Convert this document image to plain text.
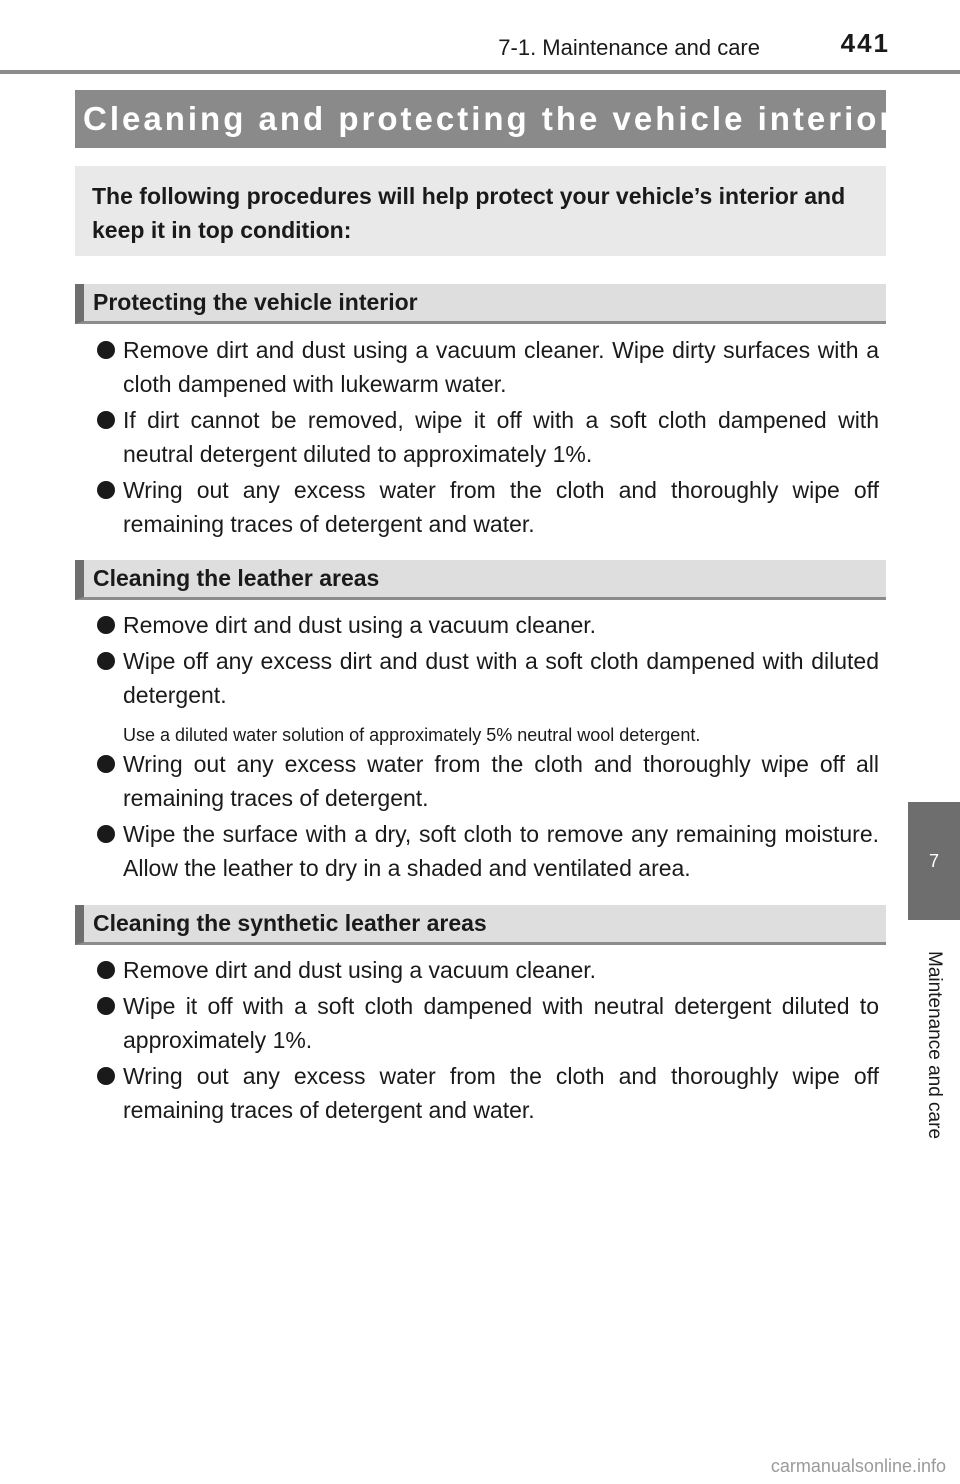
7-1. Maintenance and care	441
7
Maintenance and care
Cleaning and protecting the vehicle interior
The following procedures will help protect your vehicle’s interior and keep it in top condition:
Protecting the vehicle interior
Remove dirt and dust using a vacuum cleaner. Wipe dirty surfaces with a cloth dampened with lukewarm water.
If dirt cannot be removed, wipe it off with a soft cloth dampened with neutral detergent diluted to approximately 1%.
Wring out any excess water from the cloth and thoroughly wipe off remaining traces of detergent and water.
Cleaning the leather areas
Remove dirt and dust using a vacuum cleaner.
Wipe off any excess dirt and dust with a soft cloth dampened with diluted detergent.
Use a diluted water solution of approximately 5% neutral wool detergent.
Wring out any excess water from the cloth and thoroughly wipe off all remaining traces of detergent.
Wipe the surface with a dry, soft cloth to remove any remaining moisture. Allow the leather to dry in a shaded and ventilated area.
Cleaning the synthetic leather areas
Remove dirt and dust using a vacuum cleaner.
Wipe it off with a soft cloth dampened with neutral detergent diluted to approximately 1%.
Wring out any excess water from the cloth and thoroughly wipe off remaining traces of detergent and water.
carmanualsonline.info
